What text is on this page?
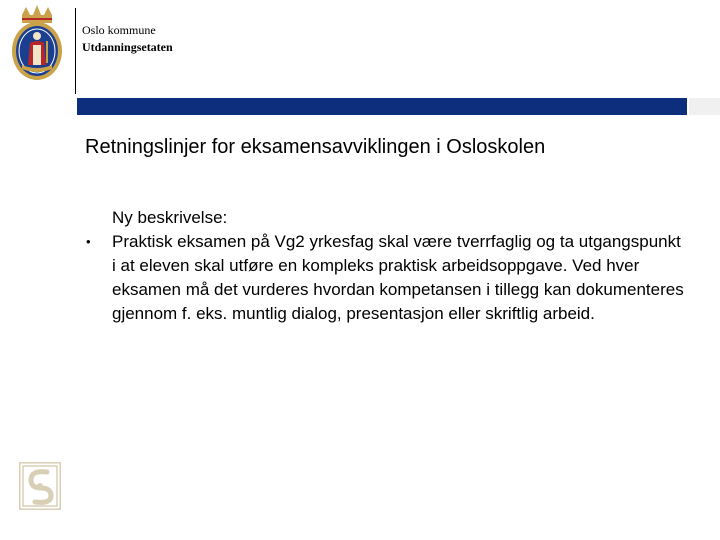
Oslo kommune
Utdanningsetaten
Retningslinjer for eksamensavviklingen i Osloskolen
Ny beskrivelse:
•	Praktisk eksamen på Vg2 yrkesfag skal være tverrfaglig og ta utgangspunkt i at eleven skal utføre en kompleks praktisk arbeidsoppgave. Ved hver eksamen må det vurderes hvordan kompetansen i tillegg kan dokumenteres gjennom f. eks. muntlig dialog, presentasjon eller skriftlig arbeid.
